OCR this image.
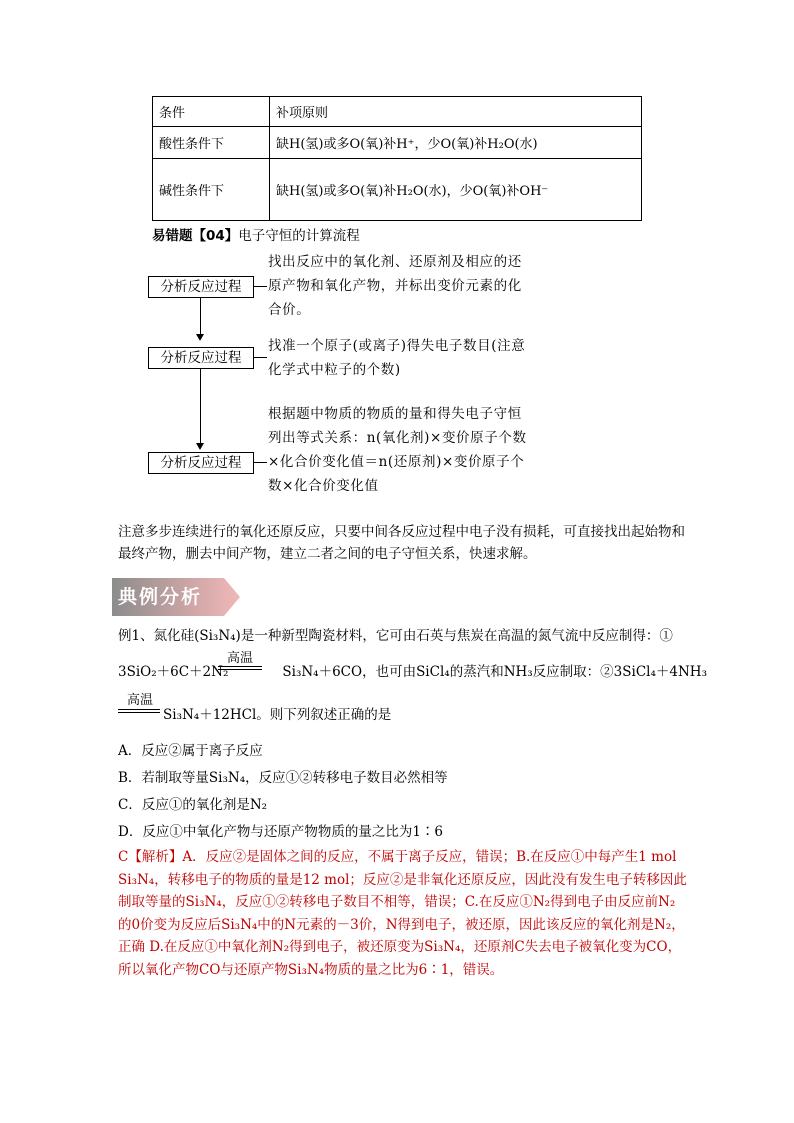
条件	补项原则
酸性条件下	缺H(氢)或多O(氧)补H⁺，少O(氧)补H₂O(水)
碱性条件下	缺H(氢)或多O(氧)补H₂O(水)，少O(氧)补OH⁻
易错题【04】电子守恒的计算流程
分析反应过程
找出反应中的氧化剂、还原剂及相应的还原产物和氧化产物，并标出变价元素的化合价。
分析反应过程
找准一个原子(或离子)得失电子数目(注意化学式中粒子的个数)
分析反应过程
根据题中物质的物质的量和得失电子守恒列出等式关系：n(氧化剂)×变价原子个数×化合价变化值＝n(还原剂)×变价原子个数×化合价变化值
注意多步连续进行的氧化还原反应，只要中间各反应过程中电子没有损耗，可直接找出起始物和最终产物，删去中间产物，建立二者之间的电子守恒关系，快速求解。
典例分析
例1、氮化硅(Si₃N₄)是一种新型陶瓷材料，它可由石英与焦炭在高温的氮气流中反应制得：①
3SiO₂＋6C＋2N₂	Si₃N₄＋6CO，也可由SiCl₄的蒸汽和NH₃反应制取：②3SiCl₄＋4NH₃
高温
高温
Si₃N₄＋12HCl。则下列叙述正确的是
A．反应②属于离子反应
B．若制取等量Si₃N₄，反应①②转移电子数目必然相等
C．反应①的氧化剂是N₂
D．反应①中氧化产物与还原产物物质的量之比为1∶6
C【解析】A．反应②是固体之间的反应，不属于离子反应，错误；B.在反应①中每产生1 mol Si₃N₄，转移电子的物质的量是12 mol；反应②是非氧化还原反应，因此没有发生电子转移因此制取等量的Si₃N₄，反应①②转移电子数目不相等，错误；C.在反应①N₂得到电子由反应前N₂的0价变为反应后Si₃N₄中的N元素的－3价，N得到电子，被还原，因此该反应的氧化剂是N₂，正确 D.在反应①中氧化剂N₂得到电子，被还原变为Si₃N₄，还原剂C失去电子被氧化变为CO，所以氧化产物CO与还原产物Si₃N₄物质的量之比为6∶1，错误。
